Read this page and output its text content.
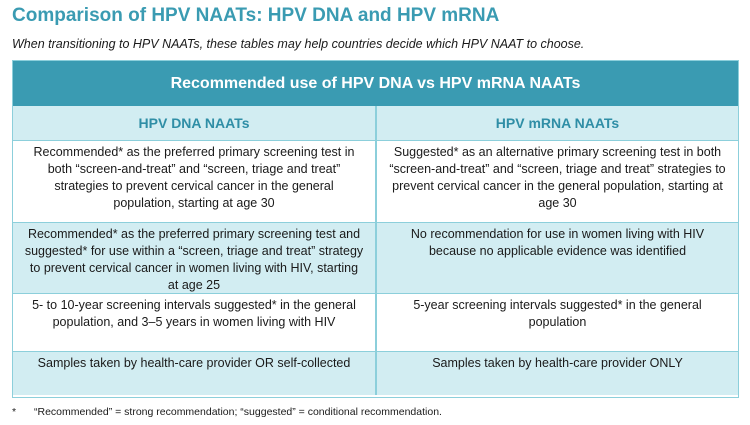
Comparison of HPV NAATs: HPV DNA and HPV mRNA

When transitioning to HPV NAATs, these tables may help countries decide which HPV NAAT to choose.

Recommended use of HPV DNA vs HPV mRNA NAATs
HPV DNA NAATs	HPV mRNA NAATs
Recommended* as the preferred primary screening test in both “screen-and-treat” and “screen, triage and treat” strategies to prevent cervical cancer in the general population, starting at age 30
Suggested* as an alternative primary screening test in both “screen-and-treat” and “screen, triage and treat” strategies to prevent cervical cancer in the general population, starting at age 30
Recommended* as the preferred primary screening test and suggested* for use within a “screen, triage and treat” strategy to prevent cervical cancer in women living with HIV, starting at age 25
No recommendation for use in women living with HIV because no applicable evidence was identified
5- to 10-year screening intervals suggested* in the general population, and 3–5 years in women living with HIV
5-year screening intervals suggested* in the general population
Samples taken by health-care provider OR self-collected	Samples taken by health-care provider ONLY
* “Recommended” = strong recommendation; “suggested” = conditional recommendation.
